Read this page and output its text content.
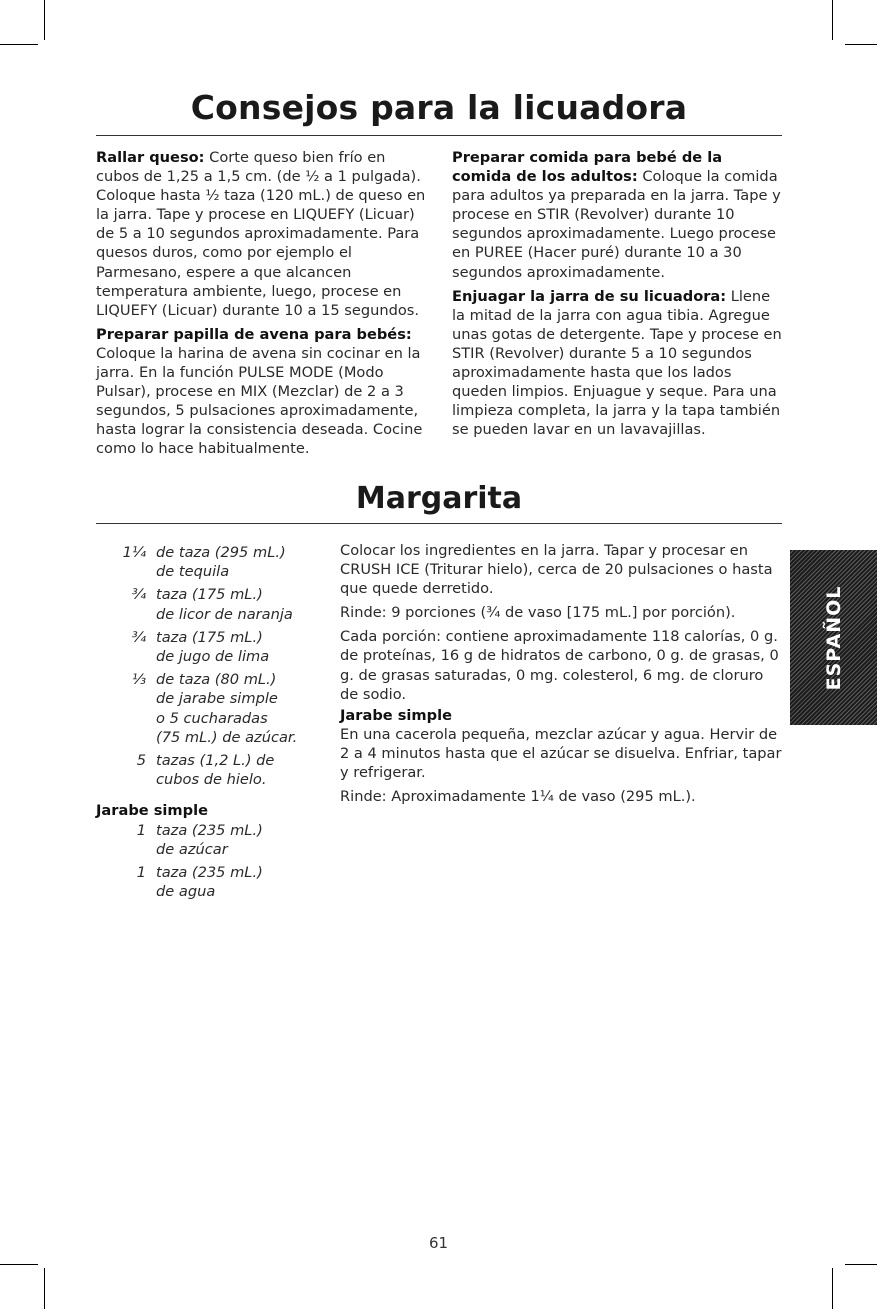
Consejos para la licuadora

Rallar queso: Corte queso bien frío en cubos de 1,25 a 1,5 cm. (de ½ a 1 pulgada). Coloque hasta ½ taza (120 mL.) de queso en la jarra. Tape y procese en LIQUEFY (Licuar) de 5 a 10 segundos aproximadamente. Para quesos duros, como por ejemplo el Parmesano, espere a que alcancen temperatura ambiente, luego, procese en LIQUEFY (Licuar) durante 10 a 15 segundos.

Preparar papilla de avena para bebés: Coloque la harina de avena sin cocinar en la jarra. En la función PULSE MODE (Modo Pulsar), procese en MIX (Mezclar) de 2 a 3 segundos, 5 pulsaciones aproximadamente, hasta lograr la consistencia deseada. Cocine como lo hace habitualmente.

Preparar comida para bebé de la comida de los adultos: Coloque la comida para adultos ya preparada en la jarra. Tape y procese en STIR (Revolver) durante 10 segundos aproximadamente. Luego procese en PUREE (Hacer puré) durante 10 a 30 segundos aproximadamente.

Enjuagar la jarra de su licuadora: Llene la mitad de la jarra con agua tibia. Agregue unas gotas de detergente. Tape y procese en STIR (Revolver) durante 5 a 10 segundos aproximadamente hasta que los lados queden limpios. Enjuague y seque. Para una limpieza completa, la jarra y la tapa también se pueden lavar en un lavavajillas.

Margarita
1¼ de taza (295 mL.)
de tequila
¾ taza (175 mL.)
de licor de naranja
¾ taza (175 mL.)
de jugo de lima
⅓ de taza (80 mL.)
de jarabe simple
o 5 cucharadas
(75 mL.) de azúcar.
5 tazas (1,2 L.) de
cubos de hielo.
Jarabe simple
1 taza (235 mL.)
de azúcar
1 taza (235 mL.)
de agua

Colocar los ingredientes en la jarra. Tapar y procesar en CRUSH ICE (Triturar hielo), cerca de 20 pulsaciones o hasta que quede derretido.

Rinde: 9 porciones (¾ de vaso [175 mL.] por porción).

Cada porción: contiene aproximadamente 118 calorías, 0 g. de proteínas, 16 g de hidratos de carbono, 0 g. de grasas, 0 g. de grasas saturadas, 0 mg. colesterol, 6 mg. de cloruro de sodio.

Jarabe simple

En una cacerola pequeña, mezclar azúcar y agua. Hervir de 2 a 4 minutos hasta que el azúcar se disuelva. Enfriar, tapar y refrigerar.

Rinde: Aproximadamente 1¼ de vaso (295 mL.).

ESPAÑOL
61
